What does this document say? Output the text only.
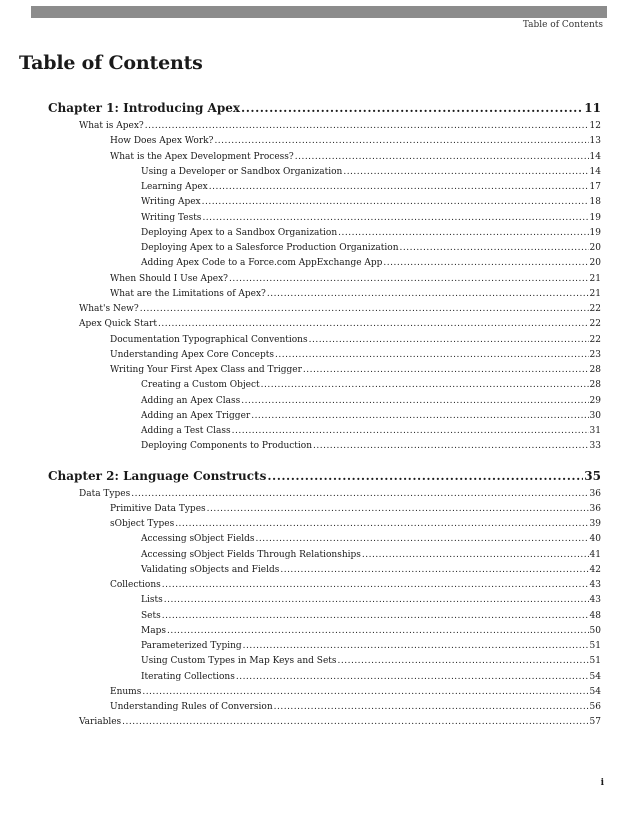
Table of Contents
Table of Contents
Chapter 1: Introducing Apex .....	11
What is Apex? .....	12
How Does Apex Work? .....	13
What is the Apex Development Process? .....	14
Using a Developer or Sandbox Organization .....	14
Learning Apex .....	17
Writing Apex .....	18
Writing Tests .....	19
Deploying Apex to a Sandbox Organization .....	19
Deploying Apex to a Salesforce Production Organization .....	20
Adding Apex Code to a Force.com AppExchange App .....	20
When Should I Use Apex? .....	21
What are the Limitations of Apex? .....	21
What's New? .....	22
Apex Quick Start .....	22
Documentation Typographical Conventions .....	22
Understanding Apex Core Concepts .....	23
Writing Your First Apex Class and Trigger .....	28
Creating a Custom Object .....	28
Adding an Apex Class .....	29
Adding an Apex Trigger .....	30
Adding a Test Class .....	31
Deploying Components to Production .....	33
Chapter 2: Language Constructs .....	35
Data Types .....	36
Primitive Data Types .....	36
sObject Types .....	39
Accessing sObject Fields .....	40
Accessing sObject Fields Through Relationships .....	41
Validating sObjects and Fields .....	42
Collections .....	43
Lists .....	43
Sets .....	48
Maps .....	50
Parameterized Typing .....	51
Using Custom Types in Map Keys and Sets .....	51
Iterating Collections .....	54
Enums .....	54
Understanding Rules of Conversion .....	56
Variables .....	57
i
